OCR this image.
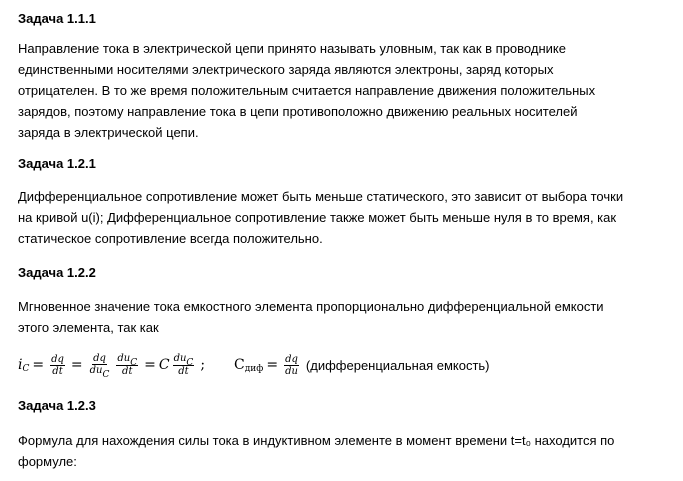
Задача 1.1.1
Направление тока в электрической цепи принято называть уловным, так как в проводнике
единственными носителями электрического заряда являются электроны, заряд которых
отрицателен. В то же время положительным считается направление движения положительных
зарядов, поэтому направление тока в цепи противоположно движению реальных носителей
заряда в электрической цепи.
Задача 1.2.1
Дифференциальное сопротивление может быть меньше статического, это зависит от выбора точки
на кривой u(i); Дифференциальное сопротивление также может быть меньше нуля в то время, как
статическое сопротивление всегда положительно.
Задача 1.2.2
Мгновенное значение тока емкостного элемента пропорционально дифференциальной емкости
этого элемента, так как
i $C = \frac{dq}{dt} = \frac{dq}{\text{duC}} \frac{\text{duC}}{dt} = C \frac{\text{duC}}{dt}$ ; С диф = $\frac{dq}{du}$ (дифференциальная емкость)
Задача 1.2.3
Формула для нахождения силы тока в индуктивном элементе в момент времени t=t₀ находится по
формуле:
